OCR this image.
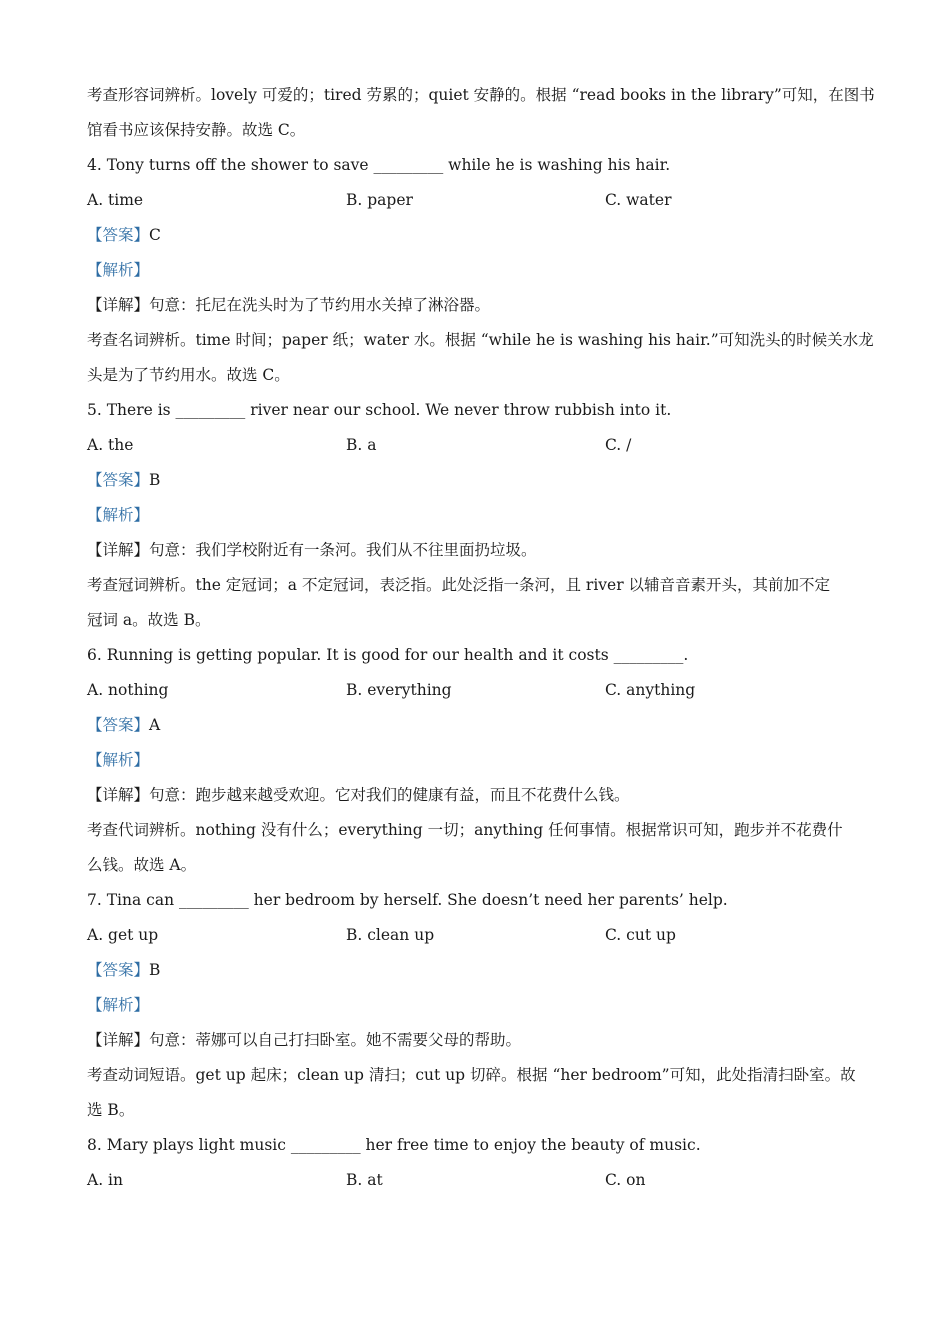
考查形容词辨析。lovely 可爱的；tired 劳累的；quiet 安静的。根据 “read books in the library”可知，在图书
馆看书应该保持安静。故选 C。
4. Tony turns off the shower to save _________ while he is washing his hair.
A. time	B. paper	C. water
【答案】C
【解析】
【详解】句意：托尼在洗头时为了节约用水关掉了淋浴器。
考查名词辨析。time 时间；paper 纸；water 水。根据 “while he is washing his hair.”可知洗头的时候关水龙
头是为了节约用水。故选 C。
5. There is _________ river near our school. We never throw rubbish into it.
A. the	B. a	C. /
【答案】B
【解析】
【详解】句意：我们学校附近有一条河。我们从不往里面扔垃圾。
考查冠词辨析。the 定冠词；a 不定冠词，表泛指。此处泛指一条河，且 river 以辅音音素开头，其前加不定
冠词 a。故选 B。
6. Running is getting popular. It is good for our health and it costs _________.
A. nothing	B. everything	C. anything
【答案】A
【解析】
【详解】句意：跑步越来越受欢迎。它对我们的健康有益，而且不花费什么钱。
考查代词辨析。nothing 没有什么；everything 一切；anything 任何事情。根据常识可知，跑步并不花费什
么钱。故选 A。
7. Tina can _________ her bedroom by herself. She doesn’t need her parents’ help.
A. get up	B. clean up	C. cut up
【答案】B
【解析】
【详解】句意：蒂娜可以自己打扫卧室。她不需要父母的帮助。
考查动词短语。get up 起床；clean up 清扫；cut up 切碎。根据 “her bedroom”可知，此处指清扫卧室。故
选 B。
8. Mary plays light music _________ her free time to enjoy the beauty of music.
A. in	B. at	C. on
